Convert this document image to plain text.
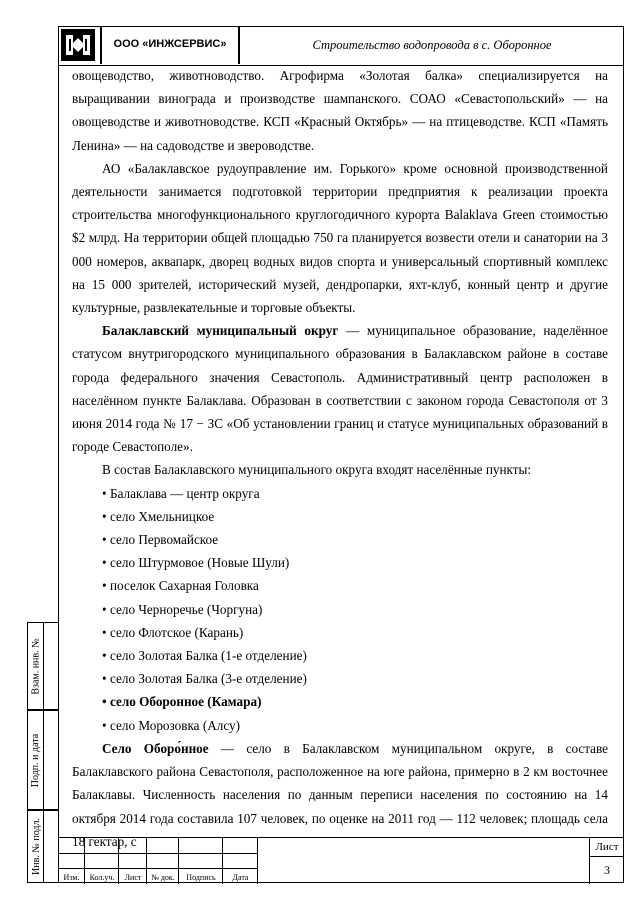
ООО «ИНЖСЕРВИС»	Строительство водопровода в с. Оборонное
Взам. инв. №
Подп. и дата
Инв. № подл.

овощеводство, животноводство. Агрофирма «Золотая балка» специализируется на выращивании винограда и производстве шампанского. СОАО «Севастопольский» — на овощеводстве и животноводстве. КСП «Красный Октябрь» — на птицеводстве. КСП «Память Ленина» — на садоводстве и звероводстве.

АО «Балаклавское рудоуправление им. Горького» кроме основной производственной деятельности занимается подготовкой территории предприятия к реализации проекта строительства многофункционального круглогодичного курорта Balaklava Green стоимостью $2 млрд. На территории общей площадью 750 га планируется возвести отели и санатории на 3 000 номеров, аквапарк, дворец водных видов спорта и универсальный спортивный комплекс на 15 000 зрителей, исторический музей, дендропарки, яхт-клуб, конный центр и другие культурные, развлекательные и торговые объекты.

Балаклавский муниципальный округ — муниципальное образование, наделённое статусом внутригородского муниципального образования в Балаклавском районе в составе города федерального значения Севастополь. Административный центр расположен в населённом пункте Балаклава. Образован в соответствии с законом города Севастополя от 3 июня 2014 года № 17 − ЗС «Об установлении границ и статусе муниципальных образований в городе Севастополе».

В состав Балаклавского муниципального округа входят населённые пункты:

• Балаклава — центр округа
• село Хмельницкое
• село Первомайское
• село Штурмовое (Новые Шули)
• поселок Сахарная Головка
• село Черноречье (Чоргуна)
• село Флотское (Карань)
• село Золотая Балка (1-е отделение)
• село Золотая Балка (3-е отделение)
• село Оборонное (Камара)
• село Морозовка (Алсу)

Село Оборо́нное — село в Балаклавском муниципальном округе, в составе Балаклавского района Севастополя, расположенное на юге района, примерно в 2 км восточнее Балаклавы. Численность населения по данным переписи населения по состоянию на 14 октября 2014 года составила 107 человек, по оценке на 2011 год — 112 человек; площадь села 18 гектар, с

Изм.	Кол.уч.	Лист	№ док.	Подпись	Дата
Лист
3
